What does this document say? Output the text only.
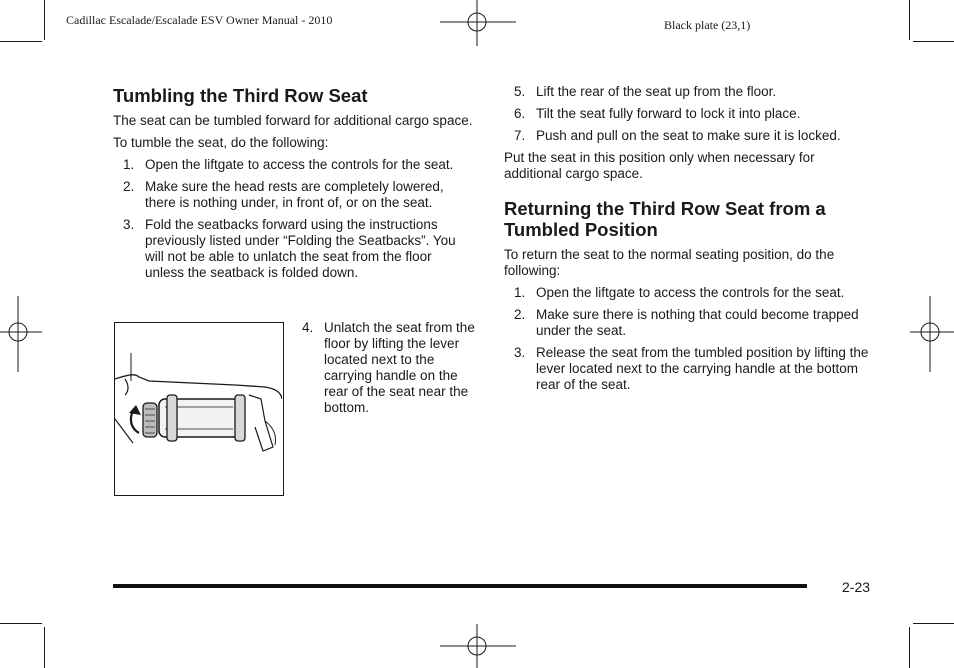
Cadillac Escalade/Escalade ESV Owner Manual - 2010	Black plate (23,1)
Tumbling the Third Row Seat

The seat can be tumbled forward for additional cargo space.

To tumble the seat, do the following:

1. Open the liftgate to access the controls for the seat.
2. Make sure the head rests are completely lowered, there is nothing under, in front of, or on the seat.
3. Fold the seatbacks forward using the instructions previously listed under “Folding the Seatbacks”. You will not be able to unlatch the seat from the floor unless the seatback is folded down.
4. Unlatch the seat from the floor by lifting the lever located next to the carrying handle on the rear of the seat near the bottom.
5. Lift the rear of the seat up from the floor.
6. Tilt the seat fully forward to lock it into place.
7. Push and pull on the seat to make sure it is locked.

Put the seat in this position only when necessary for additional cargo space.

Returning the Third Row Seat from a Tumbled Position

To return the seat to the normal seating position, do the following:

1. Open the liftgate to access the controls for the seat.
2. Make sure there is nothing that could become trapped under the seat.
3. Release the seat from the tumbled position by lifting the lever located next to the carrying handle at the bottom rear of the seat.
2-23
